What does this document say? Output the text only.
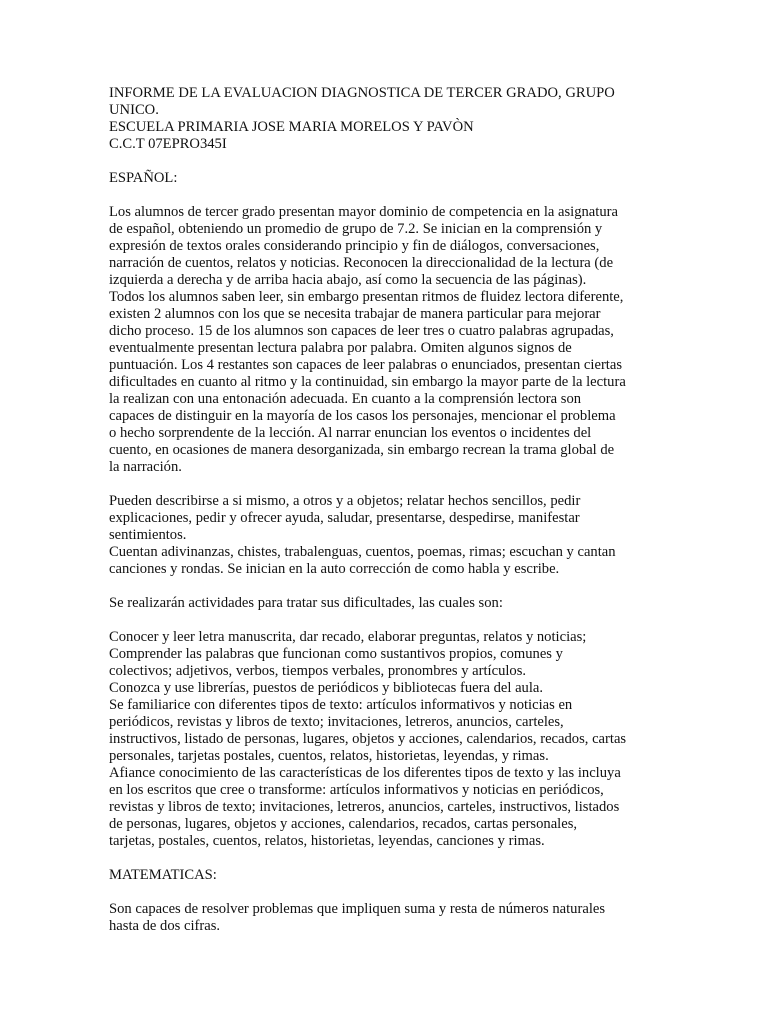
INFORME DE LA EVALUACION DIAGNOSTICA DE TERCER GRADO, GRUPO
UNICO.
ESCUELA PRIMARIA JOSE MARIA MORELOS Y PAVÒN
C.C.T 07EPRO345I
ESPAÑOL:
Los alumnos de tercer grado presentan mayor dominio de competencia en la asignatura
de español, obteniendo un promedio de grupo de 7.2. Se inician en la comprensión y
expresión de textos orales considerando principio y fin de diálogos, conversaciones,
narración de cuentos, relatos y noticias. Reconocen la direccionalidad de la lectura (de
izquierda a derecha y de arriba hacia abajo, así como la secuencia de las páginas).
Todos los alumnos saben leer, sin embargo presentan ritmos de fluidez lectora diferente,
existen 2 alumnos con los que se necesita trabajar de manera particular para mejorar
dicho proceso. 15 de los alumnos son capaces de leer tres o cuatro palabras agrupadas,
eventualmente presentan lectura palabra por palabra. Omiten algunos signos de
puntuación. Los 4 restantes son capaces de leer palabras o enunciados, presentan ciertas
dificultades en cuanto al ritmo y la continuidad, sin embargo la mayor parte de la lectura
la realizan con una entonación adecuada. En cuanto a la comprensión lectora son
capaces de distinguir en la mayoría de los casos los personajes, mencionar el problema
o hecho sorprendente de la lección. Al narrar enuncian los eventos o incidentes del
cuento, en ocasiones de manera desorganizada, sin embargo recrean la trama global de
la narración.
Pueden describirse a si mismo, a otros y a objetos; relatar hechos sencillos, pedir
explicaciones, pedir y ofrecer ayuda, saludar, presentarse, despedirse, manifestar
sentimientos.
Cuentan adivinanzas, chistes, trabalenguas, cuentos, poemas, rimas; escuchan y cantan
canciones y rondas. Se inician en la auto corrección de como habla y escribe.
Se realizarán actividades para tratar sus dificultades, las cuales son:
Conocer y leer letra manuscrita, dar recado, elaborar preguntas, relatos y noticias;
Comprender las palabras que funcionan como sustantivos propios, comunes y
colectivos; adjetivos, verbos, tiempos verbales, pronombres y artículos.
Conozca y use librerías, puestos de periódicos y bibliotecas fuera del aula.
Se familiarice con diferentes tipos de texto: artículos informativos y noticias en
periódicos, revistas y libros de texto; invitaciones, letreros, anuncios, carteles,
instructivos, listado de personas, lugares, objetos y acciones, calendarios, recados, cartas
personales, tarjetas postales, cuentos, relatos, historietas, leyendas, y rimas.
Afiance conocimiento de las características de los diferentes tipos de texto y las incluya
en los escritos que cree o transforme: artículos informativos y noticias en periódicos,
revistas y libros de texto; invitaciones, letreros, anuncios, carteles, instructivos, listados
de personas, lugares, objetos y acciones, calendarios, recados, cartas personales,
tarjetas, postales, cuentos, relatos, historietas, leyendas, canciones y rimas.
MATEMATICAS:
Son capaces de resolver problemas que impliquen suma y resta de números naturales
hasta de dos cifras.
